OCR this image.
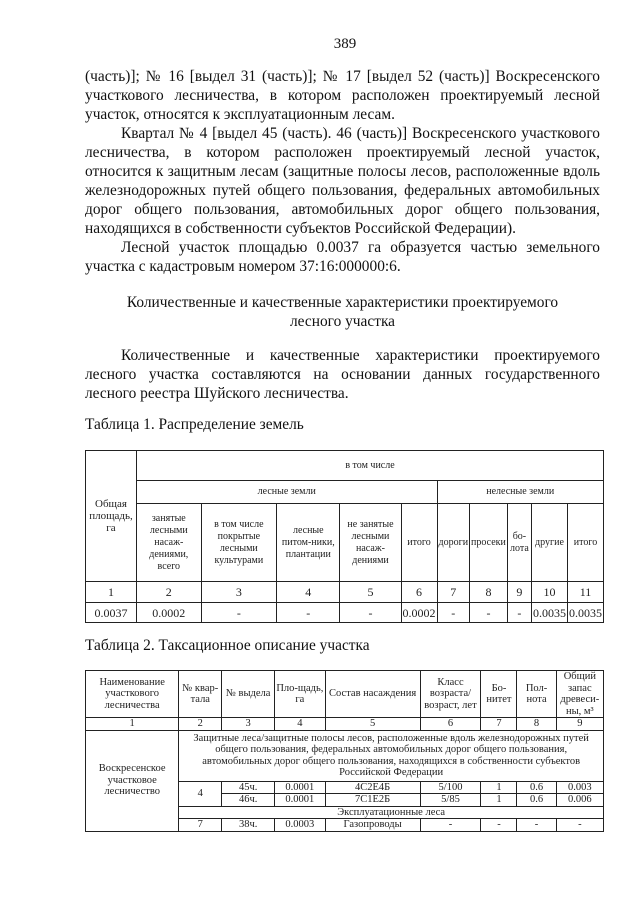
389
(часть)]; № 16 [выдел 31 (часть)]; № 17 [выдел 52 (часть)] Воскресенского участкового лесничества, в котором расположен проектируемый лесной участок, относятся к эксплуатационным лесам.
Квартал № 4 [выдел 45 (часть). 46 (часть)] Воскресенского участкового лесничества, в котором расположен проектируемый лесной участок, относится к защитным лесам (защитные полосы лесов, расположенные вдоль железнодорожных путей общего пользования, федеральных автомобильных дорог общего пользования, автомобильных дорог общего пользования, находящихся в собственности субъектов Российской Федерации).
Лесной участок площадью 0.0037 га образуется частью земельного участка с кадастровым номером 37:16:000000:6.
Количественные и качественные характеристики проектируемого лесного участка
Количественные и качественные характеристики проектируемого лесного участка составляются на основании данных государственного лесного реестра Шуйского лесничества.
Таблица 1. Распределение земель
Общая площадь, га	в том числе									
	лесные земли					нелесные земли				
	занятые лесными насаж-дениями, всего	в том числе покрытые лесными культурами	лесные питом-ники, плантации	не занятые лесными насаж-дениями	итого	дороги	просеки	бо-лота	другие	итого
1	2	3	4	5	6	7	8	9	10	11
0.0037	0.0002	-	-	-	0.0002	-	-	-	0.0035	0.0035
Таблица 2. Таксационное описание участка
Наименование участкового лесничества	№ квар-тала	№ выдела	Пло-щадь, га	Состав насаждения	Класс возраста/ возраст, лет	Бо-нитет	Пол-нота	Общий запас древеси-ны, м³
1	2	3	4	5	6	7	8	9
Воскресенское участковое лесничество	Защитные леса/защитные полосы лесов, расположенные вдоль железнодорожных путей общего пользования, федеральных автомобильных дорог общего пользования, автомобильных дорог общего пользования, находящихся в собственности субъектов Российской Федерации							
	4	45ч.	0.0001	4С2Е4Б	5/100	1	0.6	0.003
		46ч.	0.0001	7С1Е2Б	5/85	1	0.6	0.006
	Эксплуатационные леса							
	7	38ч.	0.0003	Газопроводы	-	-	-	-
